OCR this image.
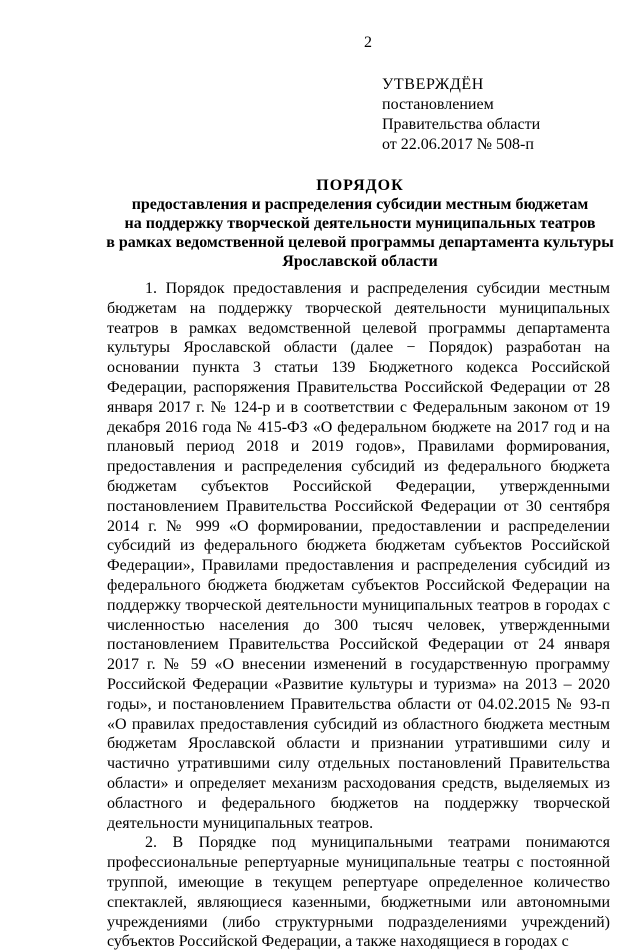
2
УТВЕРЖДЁН
постановлением
Правительства области
от 22.06.2017 № 508-п
ПОРЯДОК
предоставления и распределения субсидии местным бюджетам
на поддержку творческой деятельности муниципальных театров
в рамках ведомственной целевой программы департамента культуры
Ярославской области

1. Порядок предоставления и распределения субсидии местным бюджетам на поддержку творческой деятельности муниципальных театров в рамках ведомственной целевой программы департамента культуры Ярославской области (далее − Порядок) разработан на основании пункта 3 статьи 139 Бюджетного кодекса Российской Федерации, распоряжения Правительства Российской Федерации от 28 января 2017 г. № 124-р и в соответствии с Федеральным законом от 19 декабря 2016 года № 415-ФЗ «О федеральном бюджете на 2017 год и на плановый период 2018 и 2019 годов», Правилами формирования, предоставления и распределения субсидий из федерального бюджета бюджетам субъектов Российской Федерации, утвержденными постановлением Правительства Российской Федерации от 30 сентября 2014 г. № 999 «О формировании, предоставлении и распределении субсидий из федерального бюджета бюджетам субъектов Российской Федерации», Правилами предоставления и распределения субсидий из федерального бюджета бюджетам субъектов Российской Федерации на поддержку творческой деятельности муниципальных театров в городах с численностью населения до 300 тысяч человек, утвержденными постановлением Правительства Российской Федерации от 24 января 2017 г. № 59 «О внесении изменений в государственную программу Российской Федерации «Развитие культуры и туризма» на 2013 – 2020 годы», и постановлением Правительства области от 04.02.2015 № 93-п «О правилах предоставления субсидий из областного бюджета местным бюджетам Ярославской области и признании утратившими силу и частично утратившими силу отдельных постановлений Правительства области» и определяет механизм расходования средств, выделяемых из областного и федерального бюджетов на поддержку творческой деятельности муниципальных театров.

2. В Порядке под муниципальными театрами понимаются профессиональные репертуарные муниципальные театры с постоянной труппой, имеющие в текущем репертуаре определенное количество спектаклей, являющиеся казенными, бюджетными или автономными учреждениями (либо структурными подразделениями учреждений) субъектов Российской Федерации, а также находящиеся в городах с
